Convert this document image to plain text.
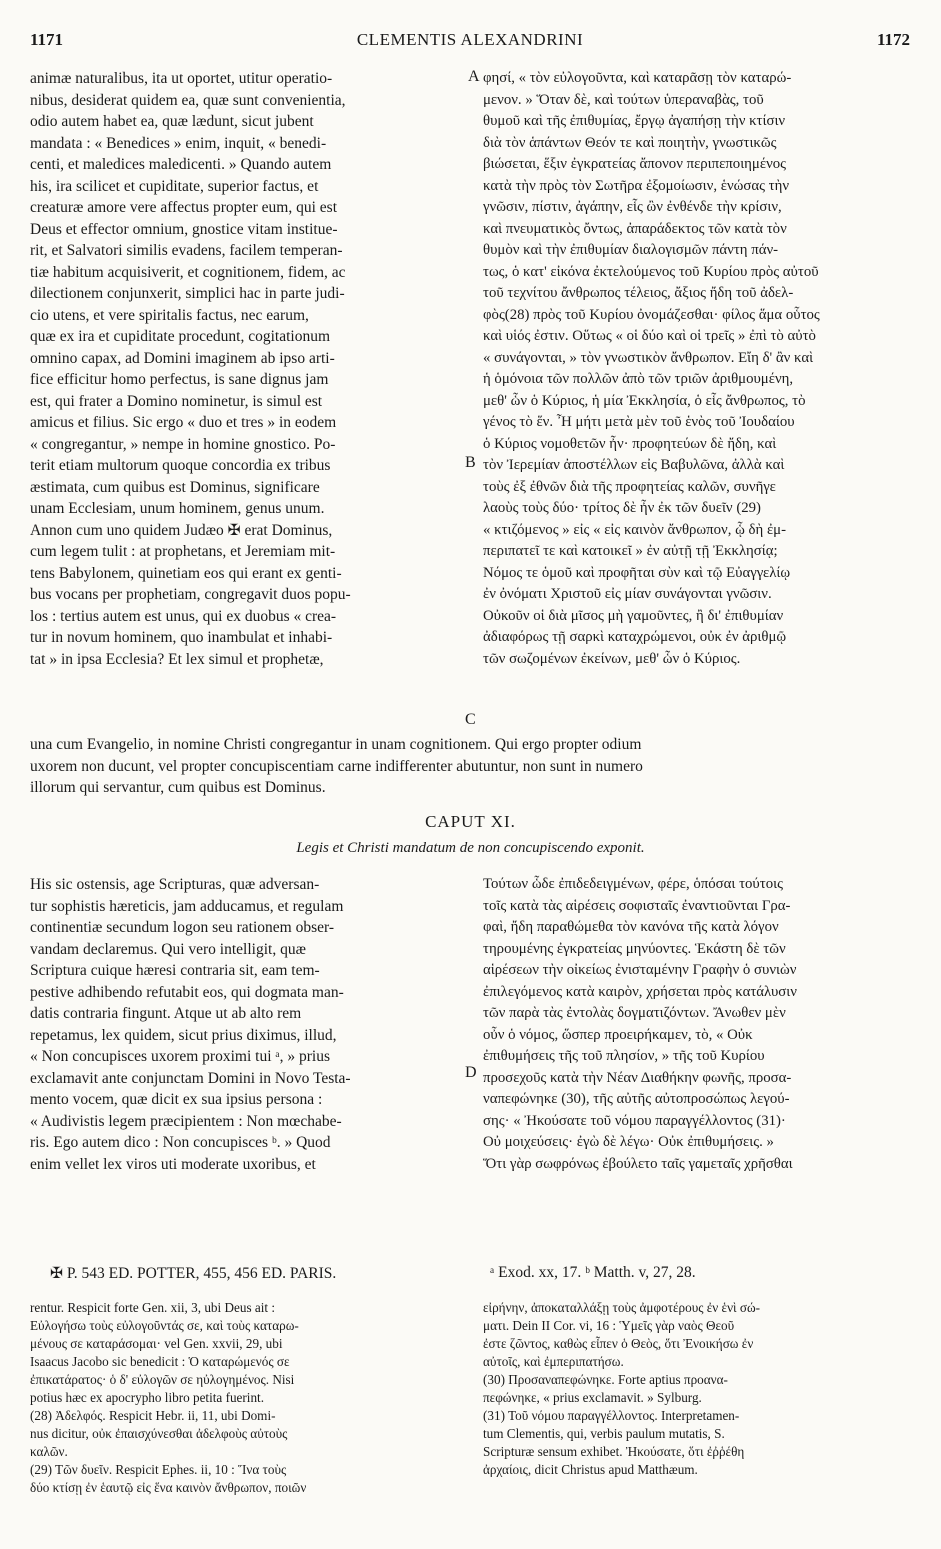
1171	CLEMENTIS ALEXANDRINI	1172
A
B
C
D
animæ naturalibus, ita ut oportet, utitur operatio-
nibus, desiderat quidem ea, quæ sunt convenientia,
odio autem habet ea, quæ lædunt, sicut jubent
mandata : « Benedices » enim, inquit, « benedi-
centi, et maledices maledicenti. » Quando autem
his, ira scilicet et cupiditate, superior factus, et
creaturæ amore vere affectus propter eum, qui est
Deus et effector omnium, gnostice vitam institue-
rit, et Salvatori similis evadens, facilem temperan-
tiæ habitum acquisiverit, et cognitionem, fidem, ac
dilectionem conjunxerit, simplici hac in parte judi-
cio utens, et vere spiritalis factus, nec earum,
quæ ex ira et cupiditate procedunt, cogitationum
omnino capax, ad Domini imaginem ab ipso arti-
fice efficitur homo perfectus, is sane dignus jam
est, qui frater a Domino nominetur, is simul est
amicus et filius. Sic ergo « duo et tres » in eodem
« congregantur, » nempe in homine gnostico. Po-
terit etiam multorum quoque concordia ex tribus
æstimata, cum quibus est Dominus, significare
unam Ecclesiam, unum hominem, genus unum.
Annon cum uno quidem Judæo ✠ erat Dominus,
cum legem tulit : at prophetans, et Jeremiam mit-
tens Babylonem, quinetiam eos qui erant ex genti-
bus vocans per prophetiam, congregavit duos popu-
los : tertius autem est unus, qui ex duobus « crea-
tur in novum hominem, quo inambulat et inhabi-
tat » in ipsa Ecclesia? Et lex simul et prophetæ,
φησί, « τὸν εὐλογοῦντα, καὶ καταρᾶσῃ τὸν καταρώ-
μενον. » Ὅταν δὲ, καὶ τούτων ὑπεραναβὰς, τοῦ
θυμοῦ καὶ τῆς ἐπιθυμίας, ἔργῳ ἀγαπήσῃ τὴν κτίσιν
διὰ τὸν ἁπάντων Θεόν τε καὶ ποιητὴν, γνωστικῶς
βιώσεται, ἕξιν ἐγκρατείας ἄπονον περιπεποιημένος
κατὰ τὴν πρὸς τὸν Σωτῆρα ἐξομοίωσιν, ἑνώσας τὴν
γνῶσιν, πίστιν, ἀγάπην, εἷς ὢν ἐνθένδε τὴν κρίσιν,
καὶ πνευματικὸς ὄντως, ἀπαράδεκτος τῶν κατὰ τὸν
θυμὸν καὶ τὴν ἐπιθυμίαν διαλογισμῶν πάντη πάν-
τως, ὁ κατ' εἰκόνα ἐκτελούμενος τοῦ Κυρίου πρὸς αὐτοῦ
τοῦ τεχνίτου ἄνθρωπος τέλειος, ἄξιος ἤδη τοῦ ἀδελ-
φὸς(28) πρὸς τοῦ Κυρίου ὀνομάζεσθαι· φίλος ἅμα οὗτος
καὶ υἱός ἐστιν. Οὕτως « οἱ δύο καὶ οἱ τρεῖς » ἐπὶ τὸ αὐτὸ
« συνάγονται, » τὸν γνωστικὸν ἄνθρωπον. Εἴη δ' ἂν καὶ
ἡ ὁμόνοια τῶν πολλῶν ἀπὸ τῶν τριῶν ἀριθμουμένη,
μεθ' ὧν ὁ Κύριος, ἡ μία Ἐκκλησία, ὁ εἷς ἄνθρωπος, τὸ
γένος τὸ ἕν. Ἦ μήτι μετὰ μὲν τοῦ ἑνὸς τοῦ Ἰουδαίου
ὁ Κύριος νομοθετῶν ἦν· προφητεύων δὲ ἤδη, καὶ
τὸν Ἰερεμίαν ἀποστέλλων εἰς Βαβυλῶνα, ἀλλὰ καὶ
τοὺς ἐξ ἐθνῶν διὰ τῆς προφητείας καλῶν, συνῆγε
λαοὺς τοὺς δύο· τρίτος δὲ ἦν ἐκ τῶν δυεῖν (29)
« κτιζόμενος » εἰς « εἰς καινὸν ἄνθρωπον, ᾧ δὴ ἐμ-
περιπατεῖ τε καὶ κατοικεῖ » ἐν αὐτῇ τῇ Ἐκκλησίᾳ;
Νόμος τε ὁμοῦ καὶ προφῆται σὺν καὶ τῷ Εὐαγγελίῳ
ἐν ὀνόματι Χριστοῦ εἰς μίαν συνάγονται γνῶσιν.
Οὐκοῦν οἱ διὰ μῖσος μὴ γαμοῦντες, ἢ δι' ἐπιθυμίαν
ἀδιαφόρως τῇ σαρκὶ καταχρώμενοι, οὐκ ἐν ἀριθμῷ
τῶν σωζομένων ἐκείνων, μεθ' ὧν ὁ Κύριος.
una cum Evangelio, in nomine Christi congregantur in unam cognitionem. Qui ergo propter odium
uxorem non ducunt, vel propter concupiscentiam carne indifferenter abutuntur, non sunt in numero
illorum qui servantur, cum quibus est Dominus.
CAPUT XI.
Legis et Christi mandatum de non concupiscendo exponit.
His sic ostensis, age Scripturas, quæ adversan-
tur sophistis hæreticis, jam adducamus, et regulam
continentiæ secundum logon seu rationem obser-
vandam declaremus. Qui vero intelligit, quæ
Scriptura cuique hæresi contraria sit, eam tem-
pestive adhibendo refutabit eos, qui dogmata man-
datis contraria fingunt. Atque ut ab alto rem
repetamus, lex quidem, sicut prius diximus, illud,
« Non concupisces uxorem proximi tui ᵃ, » prius
exclamavit ante conjunctam Domini in Novo Testa-
mento vocem, quæ dicit ex sua ipsius persona :
« Audivistis legem præcipientem : Non mœchabe-
ris. Ego autem dico : Non concupisces ᵇ. » Quod
enim vellet lex viros uti moderate uxoribus, et
Τούτων ὧδε ἐπιδεδειγμένων, φέρε, ὁπόσαι τούτοις
τοῖς κατὰ τὰς αἱρέσεις σοφισταῖς ἐναντιοῦνται Γρα-
φαὶ, ἤδη παραθώμεθα τὸν κανόνα τῆς κατὰ λόγον
τηρουμένης ἐγκρατείας μηνύοντες. Ἑκάστη δὲ τῶν
αἱρέσεων τὴν οἰκείως ἐνισταμένην Γραφὴν ὁ συνιὼν
ἐπιλεγόμενος κατὰ καιρὸν, χρήσεται πρὸς κατάλυσιν
τῶν παρὰ τὰς ἐντολὰς δογματιζόντων. Ἄνωθεν μὲν
οὖν ὁ νόμος, ὥσπερ προειρήκαμεν, τὸ, « Οὐκ
ἐπιθυμήσεις τῆς τοῦ πλησίον, » τῆς τοῦ Κυρίου
προσεχοῦς κατὰ τὴν Νέαν Διαθήκην φωνῆς, προσα-
ναπεφώνηκε (30), τῆς αὐτῆς αὐτοπροσώπως λεγού-
σης· « Ἠκούσατε τοῦ νόμου παραγγέλλοντος (31)·
Οὐ μοιχεύσεις· ἐγὼ δὲ λέγω· Οὐκ ἐπιθυμήσεις. »
Ὅτι γὰρ σωφρόνως ἐβούλετο ταῖς γαμεταῖς χρῆσθαι
✠ P. 543 ED. POTTER, 455, 456 ED. PARIS.	ᵃ Exod. xx, 17. ᵇ Matth. v, 27, 28.
rentur. Respicit forte Gen. xii, 3, ubi Deus ait :
Εὐλογήσω τοὺς εὐλογοῦντάς σε, καὶ τοὺς καταρω-
μένους σε καταράσομαι· vel Gen. xxvii, 29, ubi
Isaacus Jacobo sic benedicit : Ὁ καταρώμενός σε
ἐπικατάρατος· ὁ δ' εὐλογῶν σε ηὐλογημένος. Nisi
potius hæc ex apocrypho libro petita fuerint.
(28) Ἀδελφός. Respicit Hebr. ii, 11, ubi Domi-
nus dicitur, οὐκ ἐπαισχύνεσθαι ἀδελφοὺς αὐτοὺς
καλῶν.
(29) Τῶν δυεῖν. Respicit Ephes. ii, 10 : Ἵνα τοὺς
δύο κτίσῃ ἐν ἑαυτῷ εἰς ἕνα καινὸν ἄνθρωπον, ποιῶν
εἰρήνην, ἀποκαταλλάξῃ τοὺς ἀμφοτέρους ἐν ἑνὶ σώ-
ματι. Dein II Cor. vi, 16 : Ὑμεῖς γὰρ ναὸς Θεοῦ
ἐστε ζῶντος, καθὼς εἶπεν ὁ Θεὸς, ὅτι Ἐνοικήσω ἐν
αὐτοῖς, καὶ ἐμπεριπατήσω.
(30) Προσαναπεφώνηκε. Forte aptius προανα-
πεφώνηκε, « prius exclamavit. » Sylburg.
(31) Τοῦ νόμου παραγγέλλοντος. Interpretamen-
tum Clementis, qui, verbis paulum mutatis, S.
Scripturæ sensum exhibet. Ἠκούσατε, ὅτι ἐῤῥέθη
ἀρχαίοις, dicit Christus apud Matthæum.
